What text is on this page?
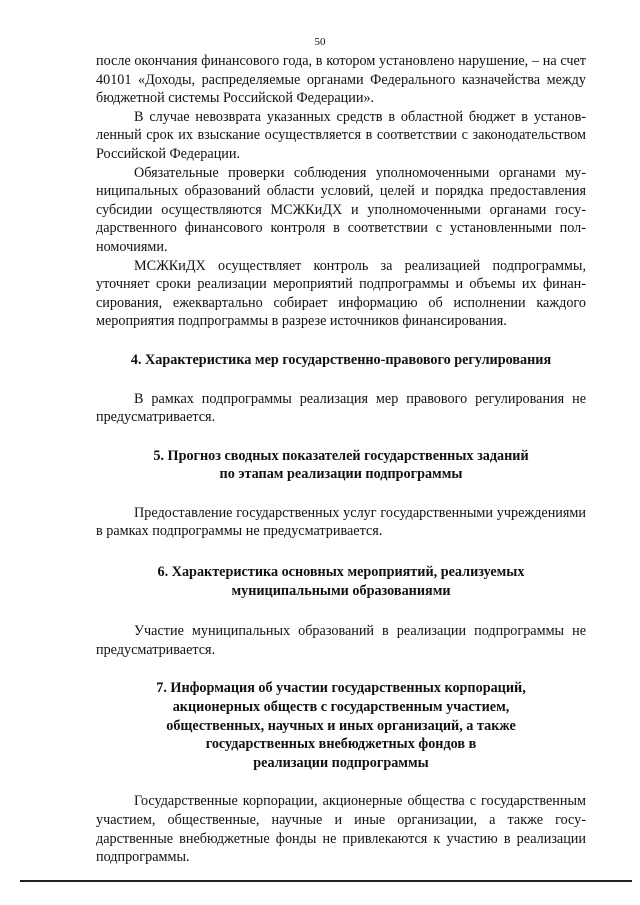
50

после окончания финансового года, в котором установлено нарушение, – на счет 40101 «Доходы, распределяемые органами Федерального казначейства между бюджетной системы Российской Федерации».

В случае невозврата указанных средств в областной бюджет в установленный срок их взыскание осуществляется в соответствии с законодательством Российской Федерации.

Обязательные проверки соблюдения уполномоченными органами муниципальных образований области условий, целей и порядка предоставления субсидии осуществляются МСЖКиДХ и уполномоченными органами государственного финансового контроля в соответствии с установленными полномочиями.

МСЖКиДХ осуществляет контроль за реализацией подпрограммы, уточняет сроки реализации мероприятий подпрограммы и объемы их финансирования, ежеквартально собирает информацию об исполнении каждого мероприятия подпрограммы в разрезе источников финансирования.

4. Характеристика мер государственно-правового регулирования

В рамках подпрограммы реализация мер правового регулирования не предусматривается.

5. Прогноз сводных показателей государственных заданий
по этапам реализации подпрограммы

Предоставление государственных услуг государственными учреждениями в рамках подпрограммы не предусматривается.

6. Характеристика основных мероприятий, реализуемых
муниципальными образованиями

Участие муниципальных образований в реализации подпрограммы не предусматривается.

7. Информация об участии государственных корпораций,
акционерных обществ с государственным участием,
общественных, научных и иных организаций, а также
государственных внебюджетных фондов в
реализации подпрограммы

Государственные корпорации, акционерные общества с государственным участием, общественные, научные и иные организации, а также государственные внебюджетные фонды не привлекаются к участию в реализации подпрограммы.
